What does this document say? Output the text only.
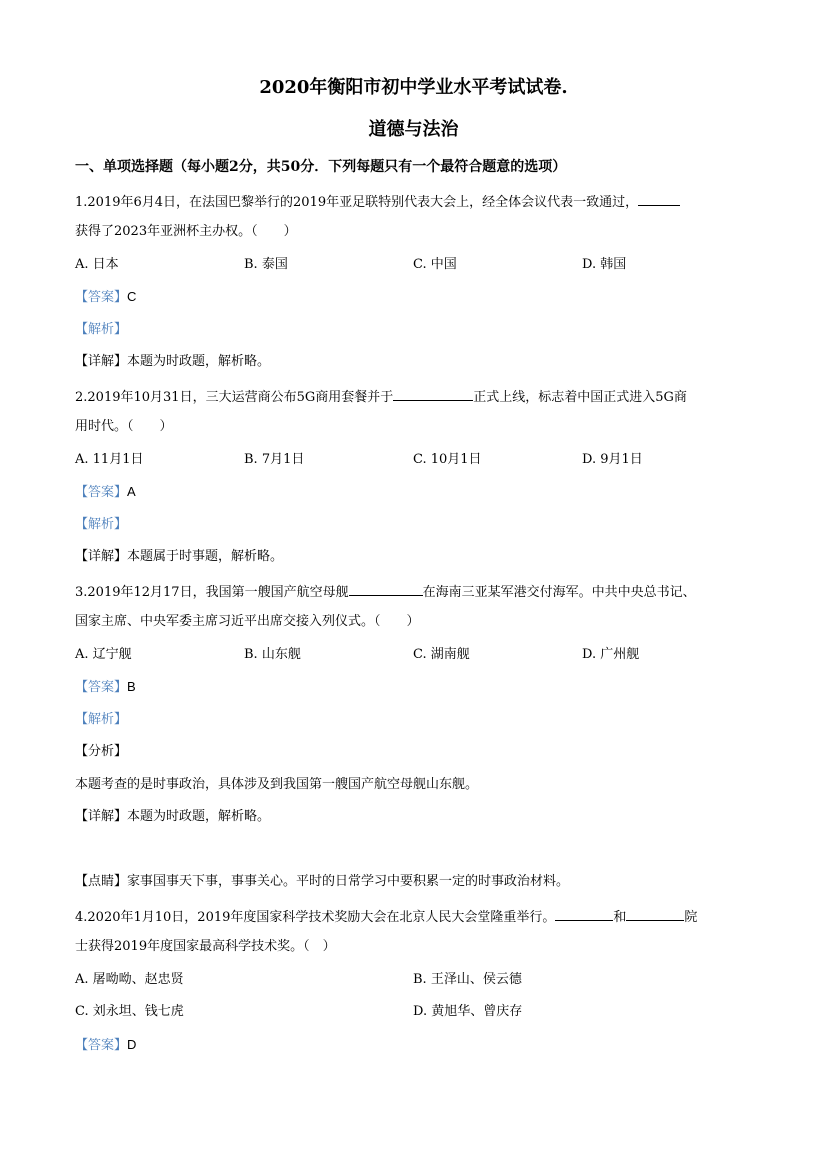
2020年衡阳市初中学业水平考试试卷.
道德与法治
一、单项选择题（每小题2分，共50分．下列每题只有一个最符合题意的选项）
1.2019年6月4日，在法国巴黎举行的2019年亚足联特别代表大会上，经全体会议代表一致通过，
获得了2023年亚洲杯主办权。（　　）
A. 日本	B. 泰国	C. 中国	D. 韩国
【答案】C
【解析】
【详解】本题为时政题，解析略。
2.2019年10月31日，三大运营商公布5G商用套餐并于	正式上线，标志着中国正式进入5G商
用时代。（　　）
A. 11月1日	B. 7月1日	C. 10月1日	D. 9月1日
【答案】A
【解析】
【详解】本题属于时事题，解析略。
3.2019年12月17日，我国第一艘国产航空母舰	在海南三亚某军港交付海军。中共中央总书记、
国家主席、中央军委主席习近平出席交接入列仪式。（　　）
A. 辽宁舰	B. 山东舰	C. 湖南舰	D. 广州舰
【答案】B
【解析】
【分析】
本题考查的是时事政治，具体涉及到我国第一艘国产航空母舰山东舰。
【详解】本题为时政题，解析略。
【点睛】家事国事天下事，事事关心。平时的日常学习中要积累一定的时事政治材料。
4.2020年1月10日，2019年度国家科学技术奖励大会在北京人民大会堂隆重举行。	和	院
士获得2019年度国家最高科学技术奖。（　）
A. 屠呦呦、赵忠贤	B. 王泽山、侯云德
C. 刘永坦、钱七虎	D. 黄旭华、曾庆存
【答案】D
